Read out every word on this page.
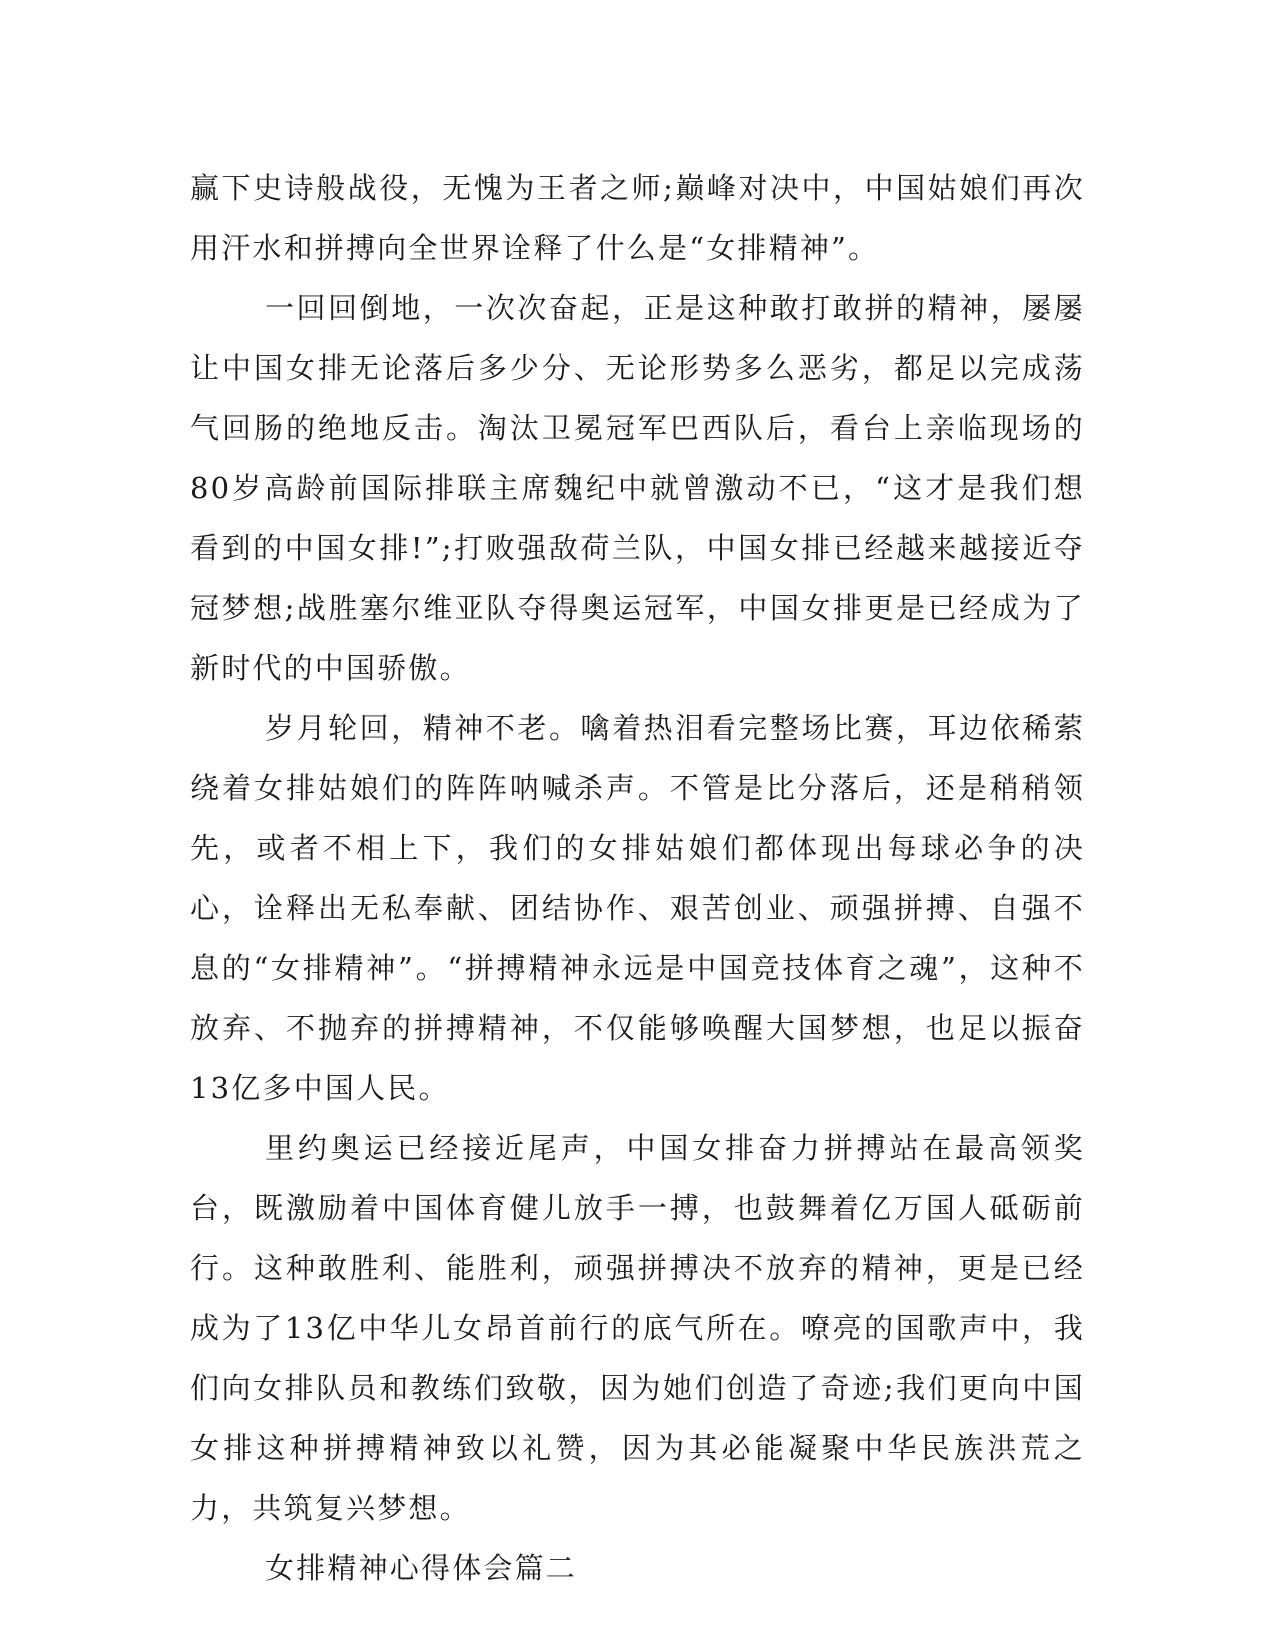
赢下史诗般战役，无愧为王者之师;巅峰对决中，中国姑娘们再次用汗水和拼搏向全世界诠释了什么是“女排精神”。

一回回倒地，一次次奋起，正是这种敢打敢拼的精神，屡屡让中国女排无论落后多少分、无论形势多么恶劣，都足以完成荡气回肠的绝地反击。淘汰卫冕冠军巴西队后，看台上亲临现场的80岁高龄前国际排联主席魏纪中就曾激动不已，“这才是我们想看到的中国女排!”;打败强敌荷兰队，中国女排已经越来越接近夺冠梦想;战胜塞尔维亚队夺得奥运冠军，中国女排更是已经成为了新时代的中国骄傲。

岁月轮回，精神不老。噙着热泪看完整场比赛，耳边依稀萦绕着女排姑娘们的阵阵呐喊杀声。不管是比分落后，还是稍稍领先，或者不相上下，我们的女排姑娘们都体现出每球必争的决心，诠释出无私奉献、团结协作、艰苦创业、顽强拼搏、自强不息的“女排精神”。“拼搏精神永远是中国竞技体育之魂”，这种不放弃、不抛弃的拼搏精神，不仅能够唤醒大国梦想，也足以振奋13亿多中国人民。

里约奥运已经接近尾声，中国女排奋力拼搏站在最高领奖台，既激励着中国体育健儿放手一搏，也鼓舞着亿万国人砥砺前行。这种敢胜利、能胜利，顽强拼搏决不放弃的精神，更是已经成为了13亿中华儿女昂首前行的底气所在。嘹亮的国歌声中，我们向女排队员和教练们致敬，因为她们创造了奇迹;我们更向中国女排这种拼搏精神致以礼赞，因为其必能凝聚中华民族洪荒之力，共筑复兴梦想。

女排精神心得体会篇二
